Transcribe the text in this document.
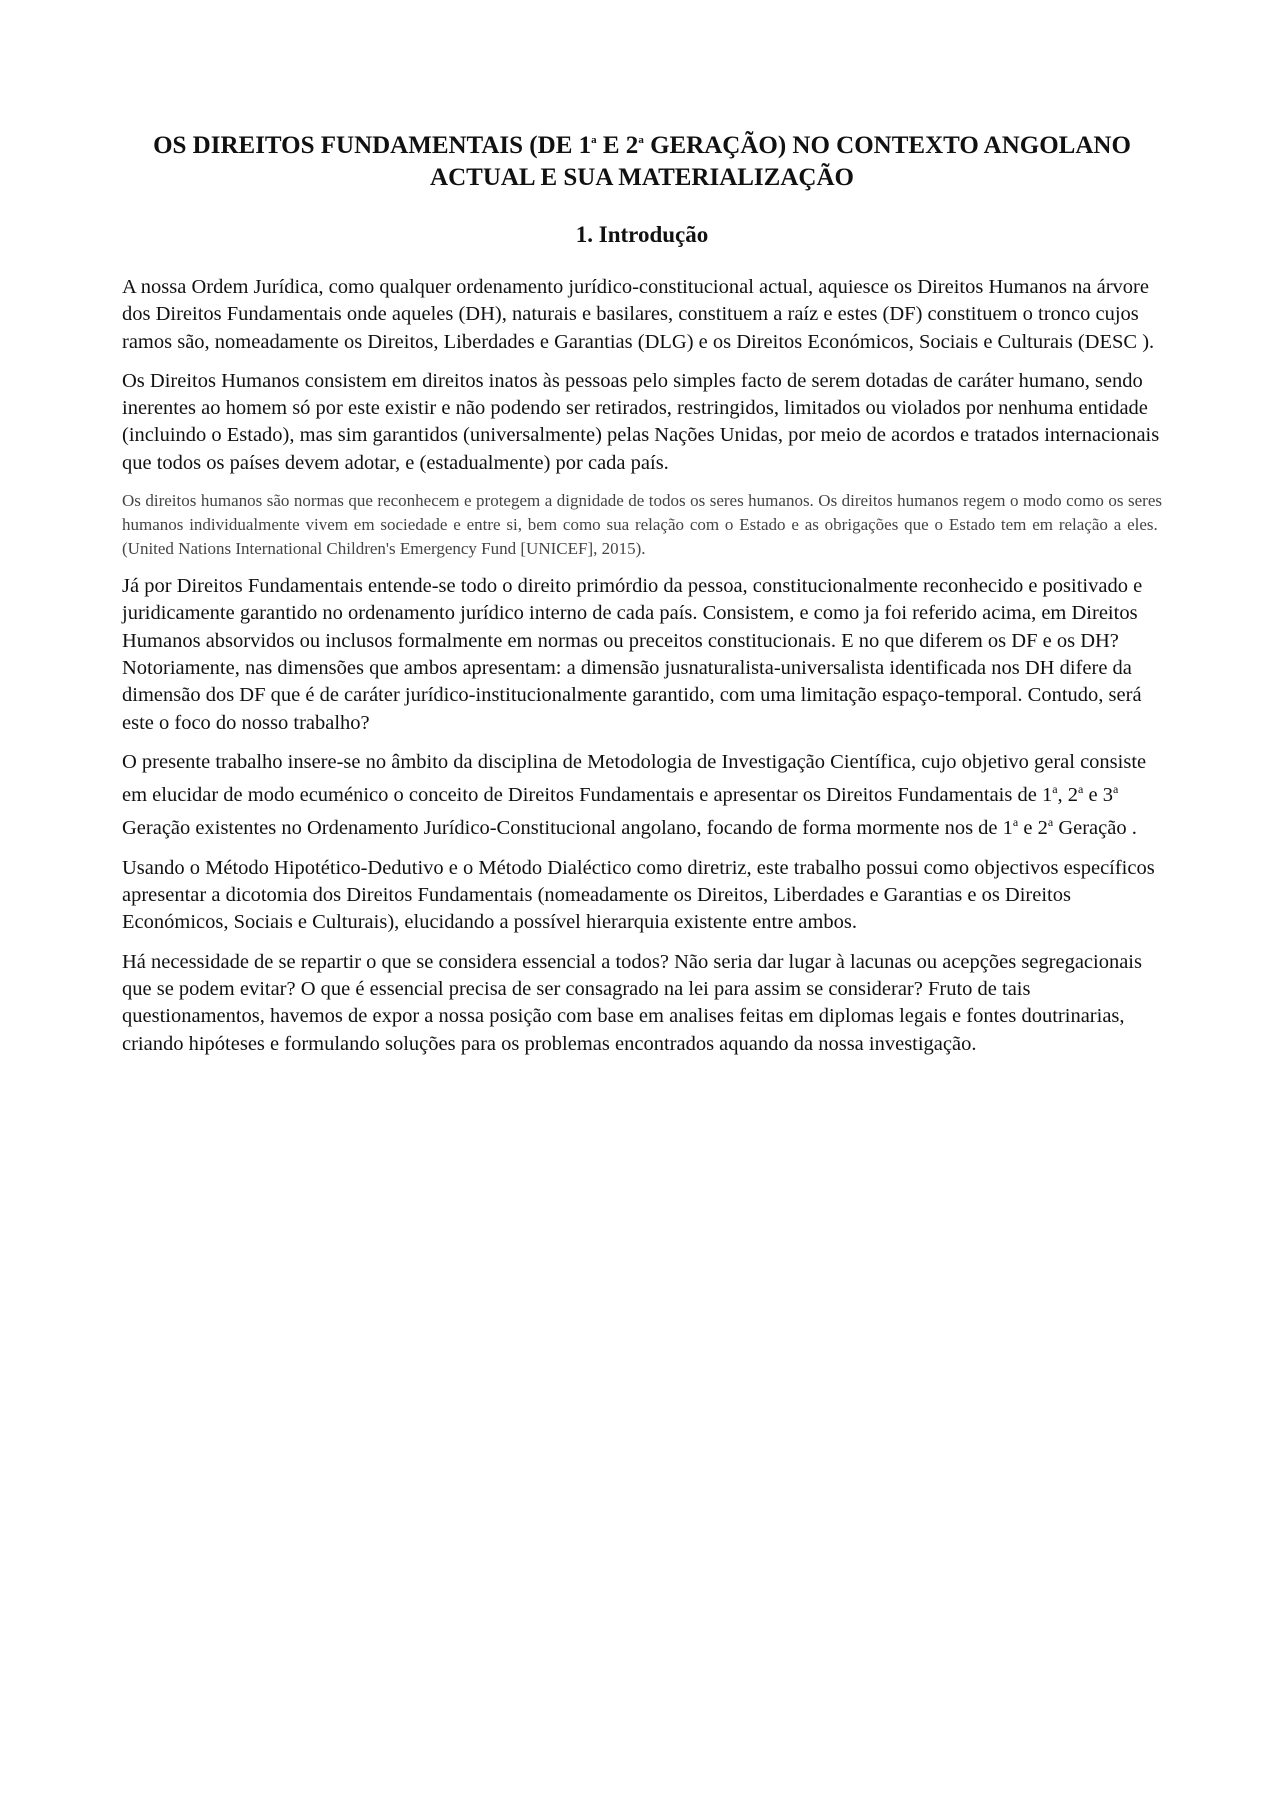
OS DIREITOS FUNDAMENTAIS (DE 1$^a$ E 2$^a$ GERAÇÃO) NO CONTEXTO ANGOLANO ACTUAL E SUA MATERIALIZAÇÃO
1. Introdução

A nossa Ordem Jurídica, como qualquer ordenamento jurídico-constitucional actual, aquiesce os Direitos Humanos na árvore dos Direitos Fundamentais onde aqueles (DH), naturais e basilares, constituem a raíz e estes (DF) constituem o tronco cujos ramos são, nomeadamente os Direitos, Liberdades e Garantias (DLG) e os Direitos Económicos, Sociais e Culturais (DESC ).

Os Direitos Humanos consistem em direitos inatos às pessoas pelo simples facto de serem dotadas de caráter humano, sendo inerentes ao homem só por este existir e não podendo ser retirados, restringidos, limitados ou violados por nenhuma entidade (incluindo o Estado), mas sim garantidos (universalmente) pelas Nações Unidas, por meio de acordos e tratados internacionais que todos os países devem adotar, e (estadualmente) por cada país.

Os direitos humanos são normas que reconhecem e protegem a dignidade de todos os seres humanos. Os direitos humanos regem o modo como os seres humanos individualmente vivem em sociedade e entre si, bem como sua relação com o Estado e as obrigações que o Estado tem em relação a eles.  (United Nations International Children's Emergency Fund [UNICEF], 2015).

Já por Direitos Fundamentais entende-se todo o direito primórdio da pessoa, constitucionalmente reconhecido e positivado e juridicamente garantido no ordenamento jurídico interno de cada país. Consistem, e como ja foi referido acima, em Direitos Humanos absorvidos ou inclusos formalmente em normas ou preceitos constitucionais. E no que diferem os DF e os DH? Notoriamente, nas dimensões que ambos apresentam: a dimensão jusnaturalista-universalista identificada nos DH difere da dimensão dos DF que é de caráter jurídico-institucionalmente garantido, com uma limitação espaço-temporal. Contudo, será este o foco do nosso trabalho?

O presente trabalho insere-se no âmbito da disciplina de Metodologia de Investigação Científica, cujo objetivo geral consiste em elucidar de modo ecuménico o conceito de Direitos Fundamentais e apresentar os Direitos Fundamentais de 1$^a$, 2$^a$ e 3$^a$ Geração existentes no Ordenamento Jurídico-Constitucional angolano, focando de forma mormente nos de 1$^a$ e 2$^a$ Geração .

Usando o Método Hipotético-Dedutivo e o Método Dialéctico como diretriz, este trabalho possui como objectivos específicos apresentar a dicotomia dos Direitos Fundamentais (nomeadamente os Direitos, Liberdades e Garantias e os Direitos Económicos, Sociais e Culturais), elucidando a possível hierarquia existente entre ambos.

Há necessidade de se repartir o que se considera essencial a todos? Não seria dar lugar à lacunas ou acepções segregacionais que se podem evitar? O que é essencial precisa de ser consagrado na lei para assim se considerar? Fruto de tais questionamentos, havemos de expor a nossa posição com base em analises feitas em diplomas legais e fontes doutrinarias, criando hipóteses e formulando soluções para os problemas encontrados aquando da nossa investigação.
